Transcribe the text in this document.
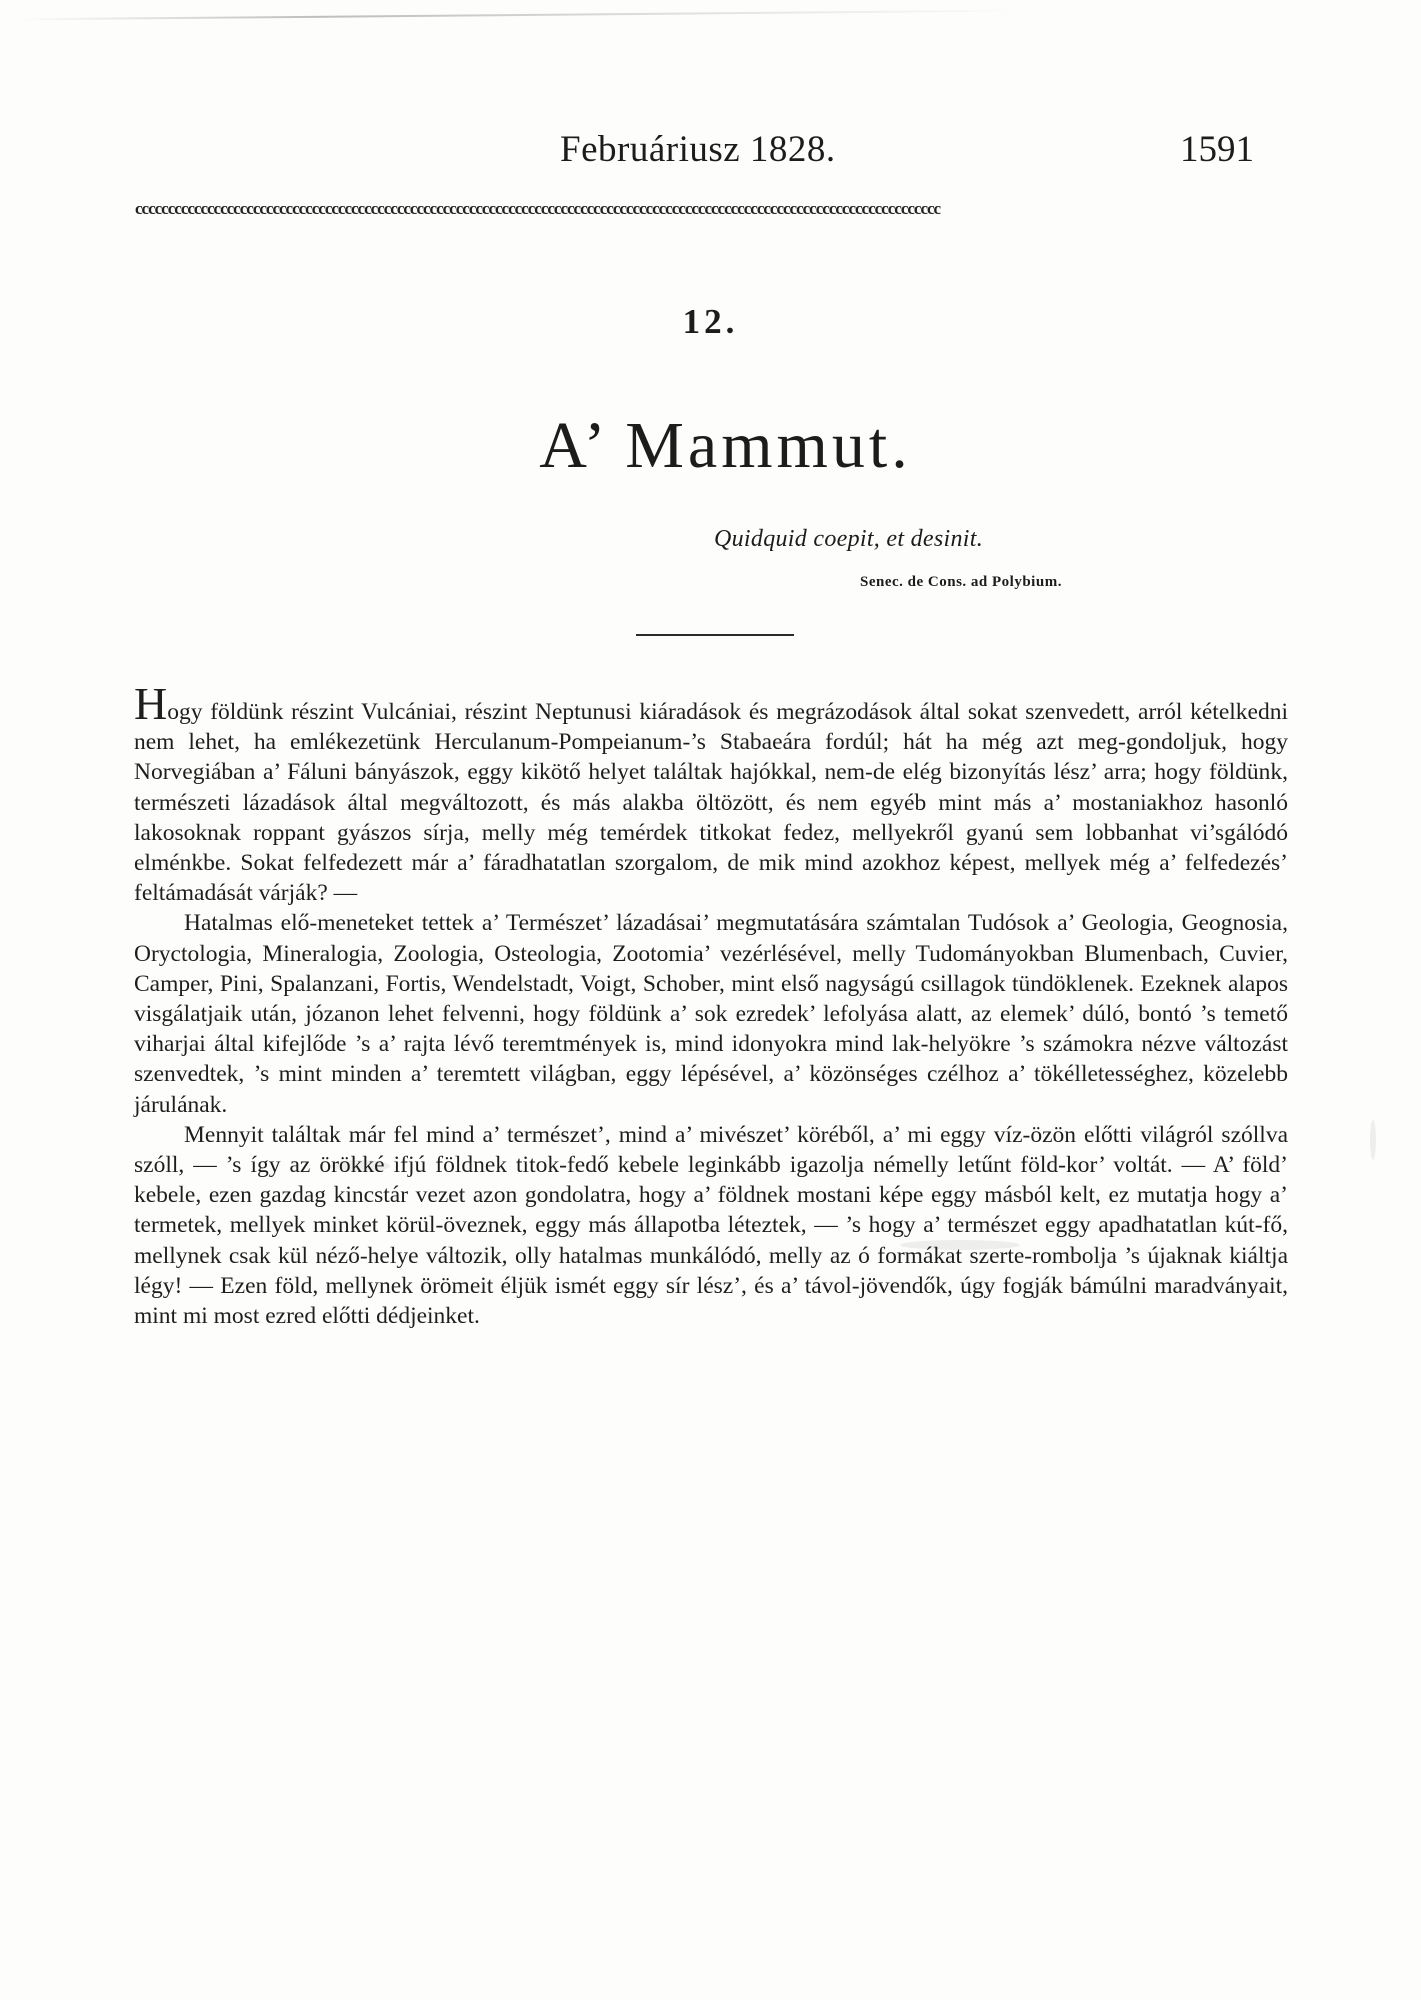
Februáriusz 1828.	1591
ccccccccccccccccccccccccccccccccccccccccccccccccccccccccccccccccccccccccccccccccccccccccccccccccccccccccccccccccccccccccccc
12.
A’ Mammut.
Quidquid coepit, et desinit.
Senec. de Cons. ad Polybium.

Hogy földünk részint Vulcániai, részint Neptunusi kiáradások és megrázodások által sokat szenvedett, arról kételkedni nem lehet, ha emlékezetünk Herculanum-Pompeianum-’s Stabaeára fordúl; hát ha még azt meg-gondoljuk, hogy Norvegiában a’ Fáluni bányászok, eggy kikötő helyet találtak hajókkal, nem-de elég bizonyítás lész’ arra; hogy földünk, természeti lázadások által megváltozott, és más alakba öltözött, és nem egyéb mint más a’ mostaniakhoz hasonló lakosoknak roppant gyászos sírja, melly még temérdek titkokat fedez, mellyekről gyanú sem lobbanhat vi’sgálódó elménkbe. Sokat felfedezett már a’ fáradhatatlan szorgalom, de mik mind azokhoz képest, mellyek még a’ felfedezés’ feltámadását várják? —

Hatalmas elő-meneteket tettek a’ Természet’ lázadásai’ megmutatására számtalan Tudósok a’ Geologia, Geognosia, Oryctologia, Mineralogia, Zoologia, Osteologia, Zootomia’ vezérlésével, melly Tudományokban Blumenbach, Cuvier, Camper, Pini, Spalanzani, Fortis, Wendelstadt, Voigt, Schober, mint első nagyságú csillagok tündöklenek. Ezeknek alapos visgálatjaik után, józanon lehet felvenni, hogy földünk a’ sok ezredek’ lefolyása alatt, az elemek’ dúló, bontó ’s temető viharjai által kifejlőde ’s a’ rajta lévő teremtmények is, mind idonyokra mind lak-helyökre ’s számokra nézve változást szenvedtek, ’s mint minden a’ teremtett világban, eggy lépésével, a’ közönséges czélhoz a’ tökélletességhez, közelebb járulának.

Mennyit találtak már fel mind a’ természet’, mind a’ mivészet’ köréből, a’ mi eggy víz-özön előtti világról szóllva szóll, — ’s így az örökké ifjú földnek titok-fedő kebele leginkább igazolja némelly letűnt föld-kor’ voltát. — A’ föld’ kebele, ezen gazdag kincstár vezet azon gondolatra, hogy a’ földnek mostani képe eggy másból kelt, ez mutatja hogy a’ termetek, mellyek minket körül-öveznek, eggy más állapotba léteztek, — ’s hogy a’ természet eggy apadhatatlan kút-fő, mellynek csak kül néző-helye változik, olly hatalmas munkálódó, melly az ó formákat szerte-rombolja ’s újaknak kiáltja légy! — Ezen föld, mellynek örömeit éljük ismét eggy sír lész’, és a’ távol-jövendők, úgy fogják bámúlni maradványait, mint mi most ezred előtti dédjeinket.
